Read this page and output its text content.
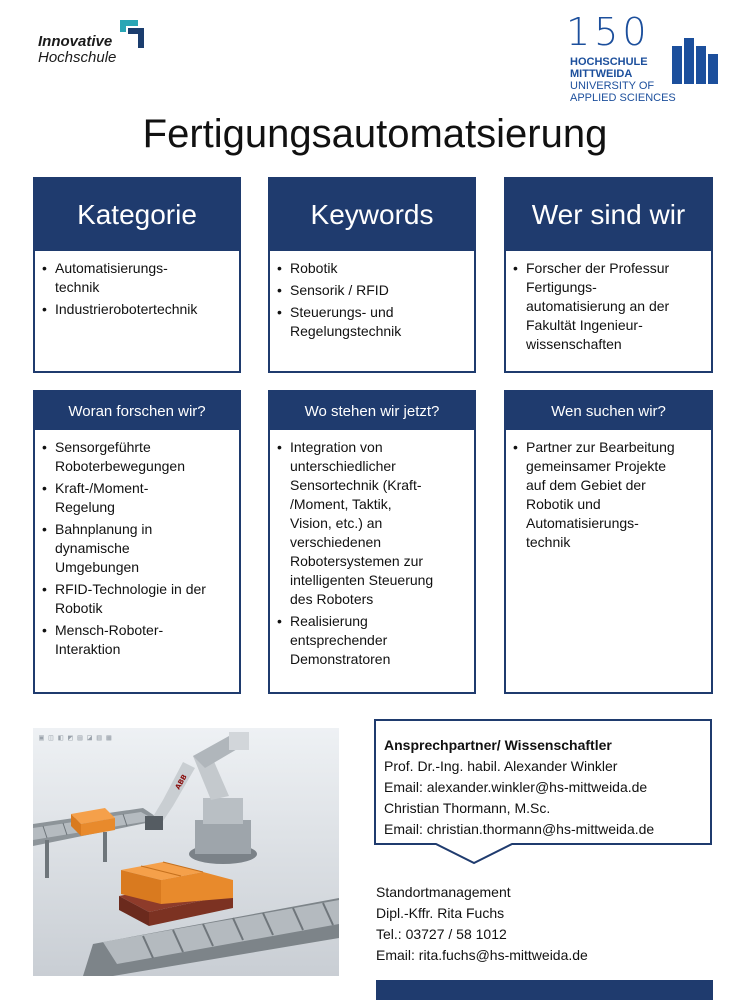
Innovative
Hochschule
150
HOCHSCHULE
MITTWEIDA
UNIVERSITY OF
APPLIED SCIENCES
Fertigungsautomatsierung
Kategorie
• Automatisierungs-
technik
• Industrierobotertechnik
Keywords
• Robotik
• Sensorik / RFID
• Steuerungs- und
Regelungstechnik
Wer sind wir
• Forscher der Professur
Fertigungs-
automatisierung an der
Fakultät Ingenieur-
wissenschaften
Woran forschen wir?
• Sensorgeführte
Roboterbewegungen
• Kraft-/Moment-
Regelung
• Bahnplanung in
dynamische
Umgebungen
• RFID-Technologie in der
Robotik
• Mensch-Roboter-
Interaktion
Wo stehen wir jetzt?
• Integration von
unterschiedlicher
Sensortechnik (Kraft-
/Moment, Taktik,
Vision, etc.) an
verschiedenen
Robotersystemen zur
intelligenten Steuerung
des Roboters
• Realisierung
entsprechender
Demonstratoren
Wen suchen wir?
• Partner zur Bearbeitung
gemeinsamer Projekte
auf dem Gebiet der
Robotik und
Automatisierungs-
technik
▣ ◫ ◧ ◩ ▤ ◪ ▥ ▦
ABB
Ansprechpartner/ Wissenschaftler
Prof. Dr.-Ing. habil. Alexander Winkler
Email: alexander.winkler@hs-mittweida.de
Christian Thormann, M.Sc.
Email: christian.thormann@hs-mittweida.de
Standortmanagement
Dipl.-Kffr. Rita Fuchs
Tel.: 03727 / 58 1012
Email: rita.fuchs@hs-mittweida.de
